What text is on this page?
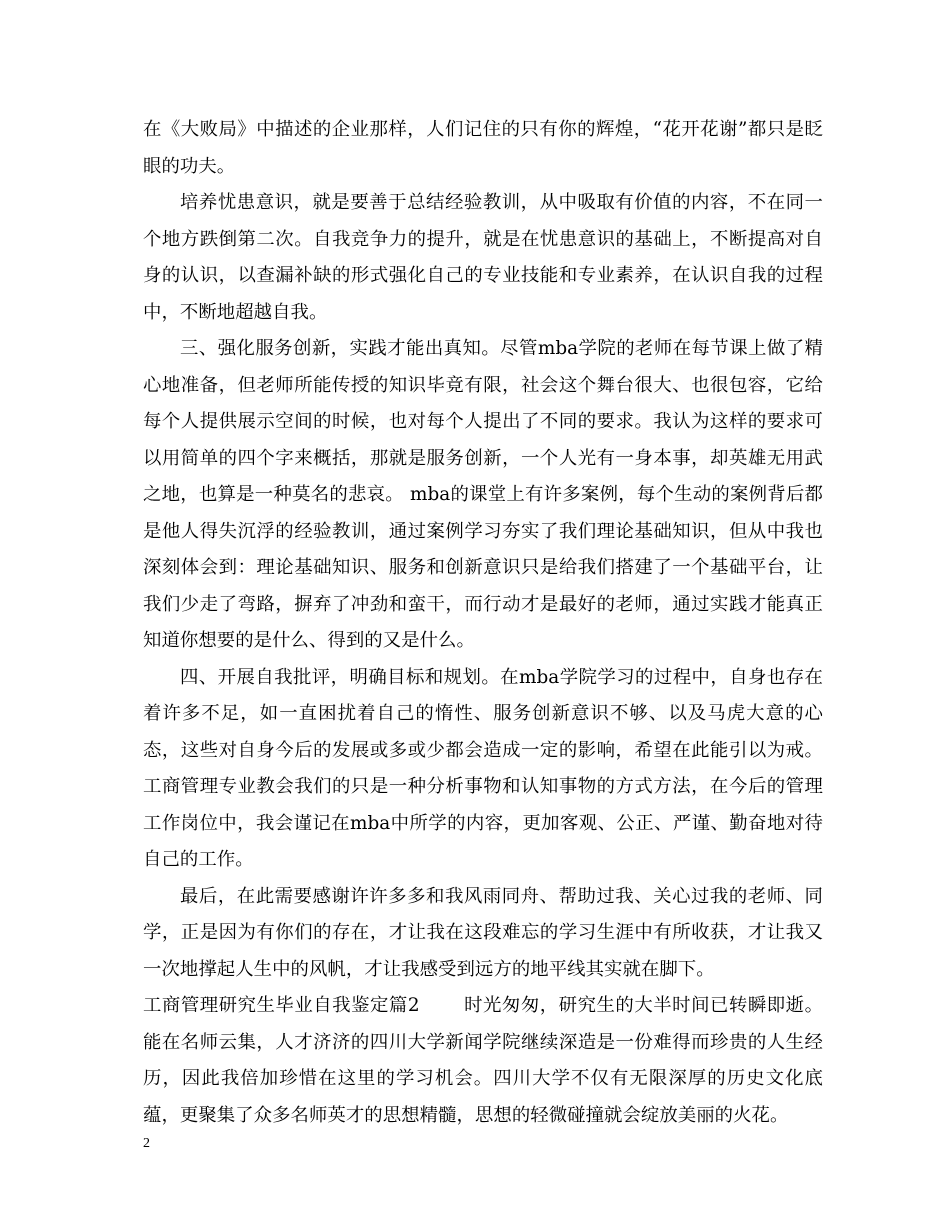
在《大败局》中描述的企业那样，人们记住的只有你的辉煌，“花开花谢”都只是眨眼的功夫。

培养忧患意识，就是要善于总结经验教训，从中吸取有价值的内容，不在同一个地方跌倒第二次。自我竞争力的提升，就是在忧患意识的基础上，不断提高对自身的认识，以查漏补缺的形式强化自己的专业技能和专业素养，在认识自我的过程中，不断地超越自我。

三、强化服务创新，实践才能出真知。尽管mba学院的老师在每节课上做了精心地准备，但老师所能传授的知识毕竟有限，社会这个舞台很大、也很包容，它给每个人提供展示空间的时候，也对每个人提出了不同的要求。我认为这样的要求可以用简单的四个字来概括，那就是服务创新，一个人光有一身本事，却英雄无用武之地，也算是一种莫名的悲哀。 mba的课堂上有许多案例，每个生动的案例背后都是他人得失沉浮的经验教训，通过案例学习夯实了我们理论基础知识，但从中我也深刻体会到：理论基础知识、服务和创新意识只是给我们搭建了一个基础平台，让我们少走了弯路，摒弃了冲劲和蛮干，而行动才是最好的老师，通过实践才能真正知道你想要的是什么、得到的又是什么。

四、开展自我批评，明确目标和规划。在mba学院学习的过程中，自身也存在着许多不足，如一直困扰着自己的惰性、服务创新意识不够、以及马虎大意的心态，这些对自身今后的发展或多或少都会造成一定的影响，希望在此能引以为戒。工商管理专业教会我们的只是一种分析事物和认知事物的方式方法，在今后的管理工作岗位中，我会谨记在mba中所学的内容，更加客观、公正、严谨、勤奋地对待自己的工作。

最后，在此需要感谢许许多多和我风雨同舟、帮助过我、关心过我的老师、同学，正是因为有你们的存在，才让我在这段难忘的学习生涯中有所收获，才让我又一次地撑起人生中的风帆，才让我感受到远方的地平线其实就在脚下。

工商管理研究生毕业自我鉴定篇2 时光匆匆，研究生的大半时间已转瞬即逝。能在名师云集，人才济济的四川大学新闻学院继续深造是一份难得而珍贵的人生经历，因此我倍加珍惜在这里的学习机会。四川大学不仅有无限深厚的历史文化底蕴，更聚集了众多名师英才的思想精髓，思想的轻微碰撞就会绽放美丽的火花。

2
